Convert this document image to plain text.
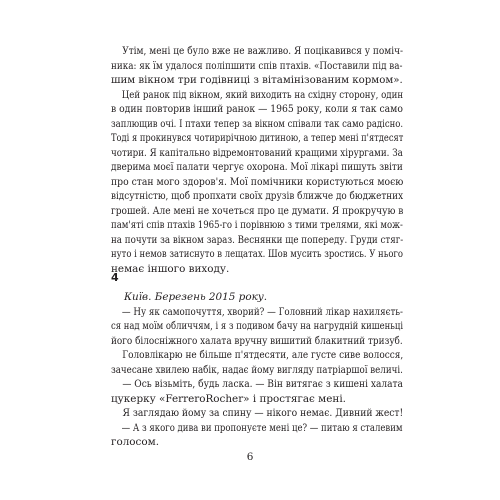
Утім, мені це було вже не важливо. Я поцікавився у поміч-
ника: як їм удалося поліпшити спів птахів. «Поставили під ва-
шим вікном три годівниці з вітамінізованим кормом».
Цей ранок під вікном, який виходить на східну сторону, один
в один повторив інший ранок — 1965 року, коли я так само
заплющив очі. І птахи тепер за вікном співали так само радісно.
Тоді я прокинувся чотирирічною дитиною, а тепер мені п'ятдесят
чотири. Я капітально відремонтований кращими хірургами. За
дверима моєї палати чергує охорона. Мої лікарі пишуть звіти
про стан мого здоров'я. Мої помічники користуються моєю
відсутністю, щоб пропхати своїх друзів ближче до бюджетних
грошей. Але мені не хочеться про це думати. Я прокручую в
пам'яті спів птахів 1965-го і порівнюю з тими трелями, які мож-
на почути за вікном зараз. Веснянки ще попереду. Груди стяг-
нуто і немов затиснуто в лещатах. Шов мусить зростись. У нього
немає іншого виходу.
4
Київ. Березень 2015 року.
— Ну як самопочуття, хворий? — Головний лікар нахиляєть-
ся над моїм обличчям, і я з подивом бачу на нагрудній кишеньці
його білосніжного халата вручну вишитий блакитний тризуб.
Головлікарю не більше п'ятдесяти, але густе сиве волосся,
зачесане хвилею набік, надає йому вигляду патріаршої величі.
— Ось візьміть, будь ласка. — Він витягає з кишені халата
цукерку «FerreroRocher» і простягає мені.
Я заглядаю йому за спину — нікого немає. Дивний жест!
— А з якого дива ви пропонуєте мені це? — питаю я сталевим
голосом.
6
